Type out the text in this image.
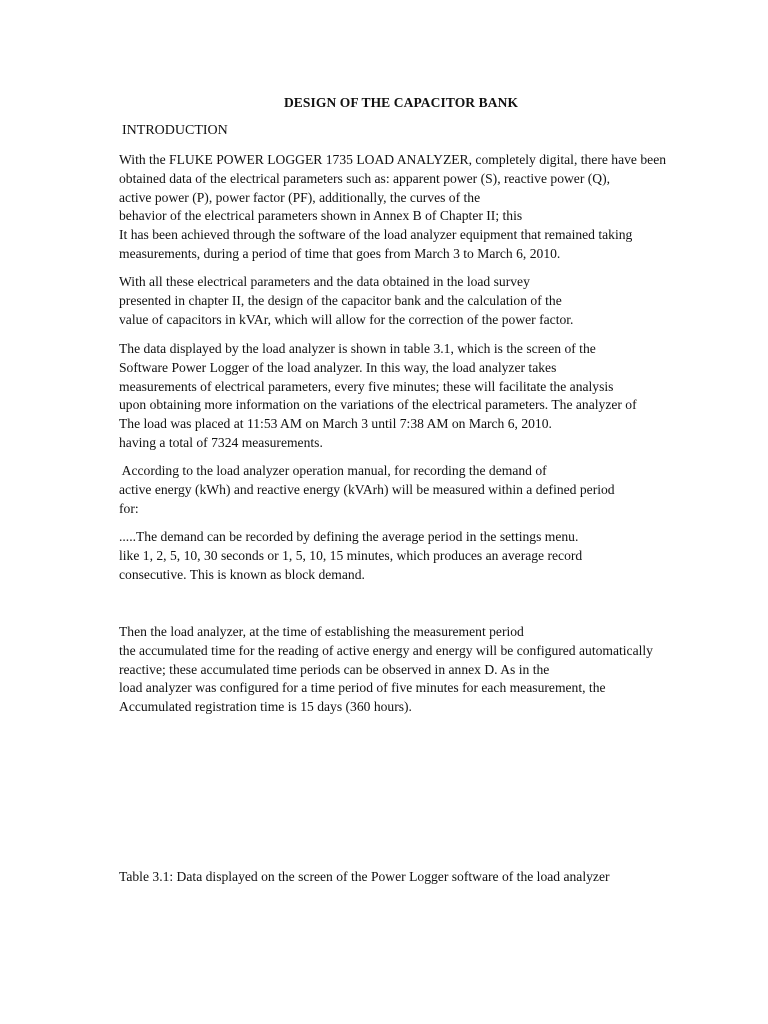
DESIGN OF THE CAPACITOR BANK
INTRODUCTION
With the FLUKE POWER LOGGER 1735 LOAD ANALYZER, completely digital, there have been
obtained data of the electrical parameters such as: apparent power (S), reactive power (Q),
active power (P), power factor (PF), additionally, the curves of the
behavior of the electrical parameters shown in Annex B of Chapter II; this
It has been achieved through the software of the load analyzer equipment that remained taking
measurements, during a period of time that goes from March 3 to March 6, 2010.
With all these electrical parameters and the data obtained in the load survey
presented in chapter II, the design of the capacitor bank and the calculation of the
value of capacitors in kVAr, which will allow for the correction of the power factor.
The data displayed by the load analyzer is shown in table 3.1, which is the screen of the
Software Power Logger of the load analyzer. In this way, the load analyzer takes
measurements of electrical parameters, every five minutes; these will facilitate the analysis
upon obtaining more information on the variations of the electrical parameters. The analyzer of
The load was placed at 11:53 AM on March 3 until 7:38 AM on March 6, 2010.
having a total of 7324 measurements.
According to the load analyzer operation manual, for recording the demand of
active energy (kWh) and reactive energy (kVArh) will be measured within a defined period
for:
.....The demand can be recorded by defining the average period in the settings menu.
like 1, 2, 5, 10, 30 seconds or 1, 5, 10, 15 minutes, which produces an average record
consecutive. This is known as block demand.
Then the load analyzer, at the time of establishing the measurement period
the accumulated time for the reading of active energy and energy will be configured automatically
reactive; these accumulated time periods can be observed in annex D. As in the
load analyzer was configured for a time period of five minutes for each measurement, the
Accumulated registration time is 15 days (360 hours).
Table 3.1: Data displayed on the screen of the Power Logger software of the load analyzer
